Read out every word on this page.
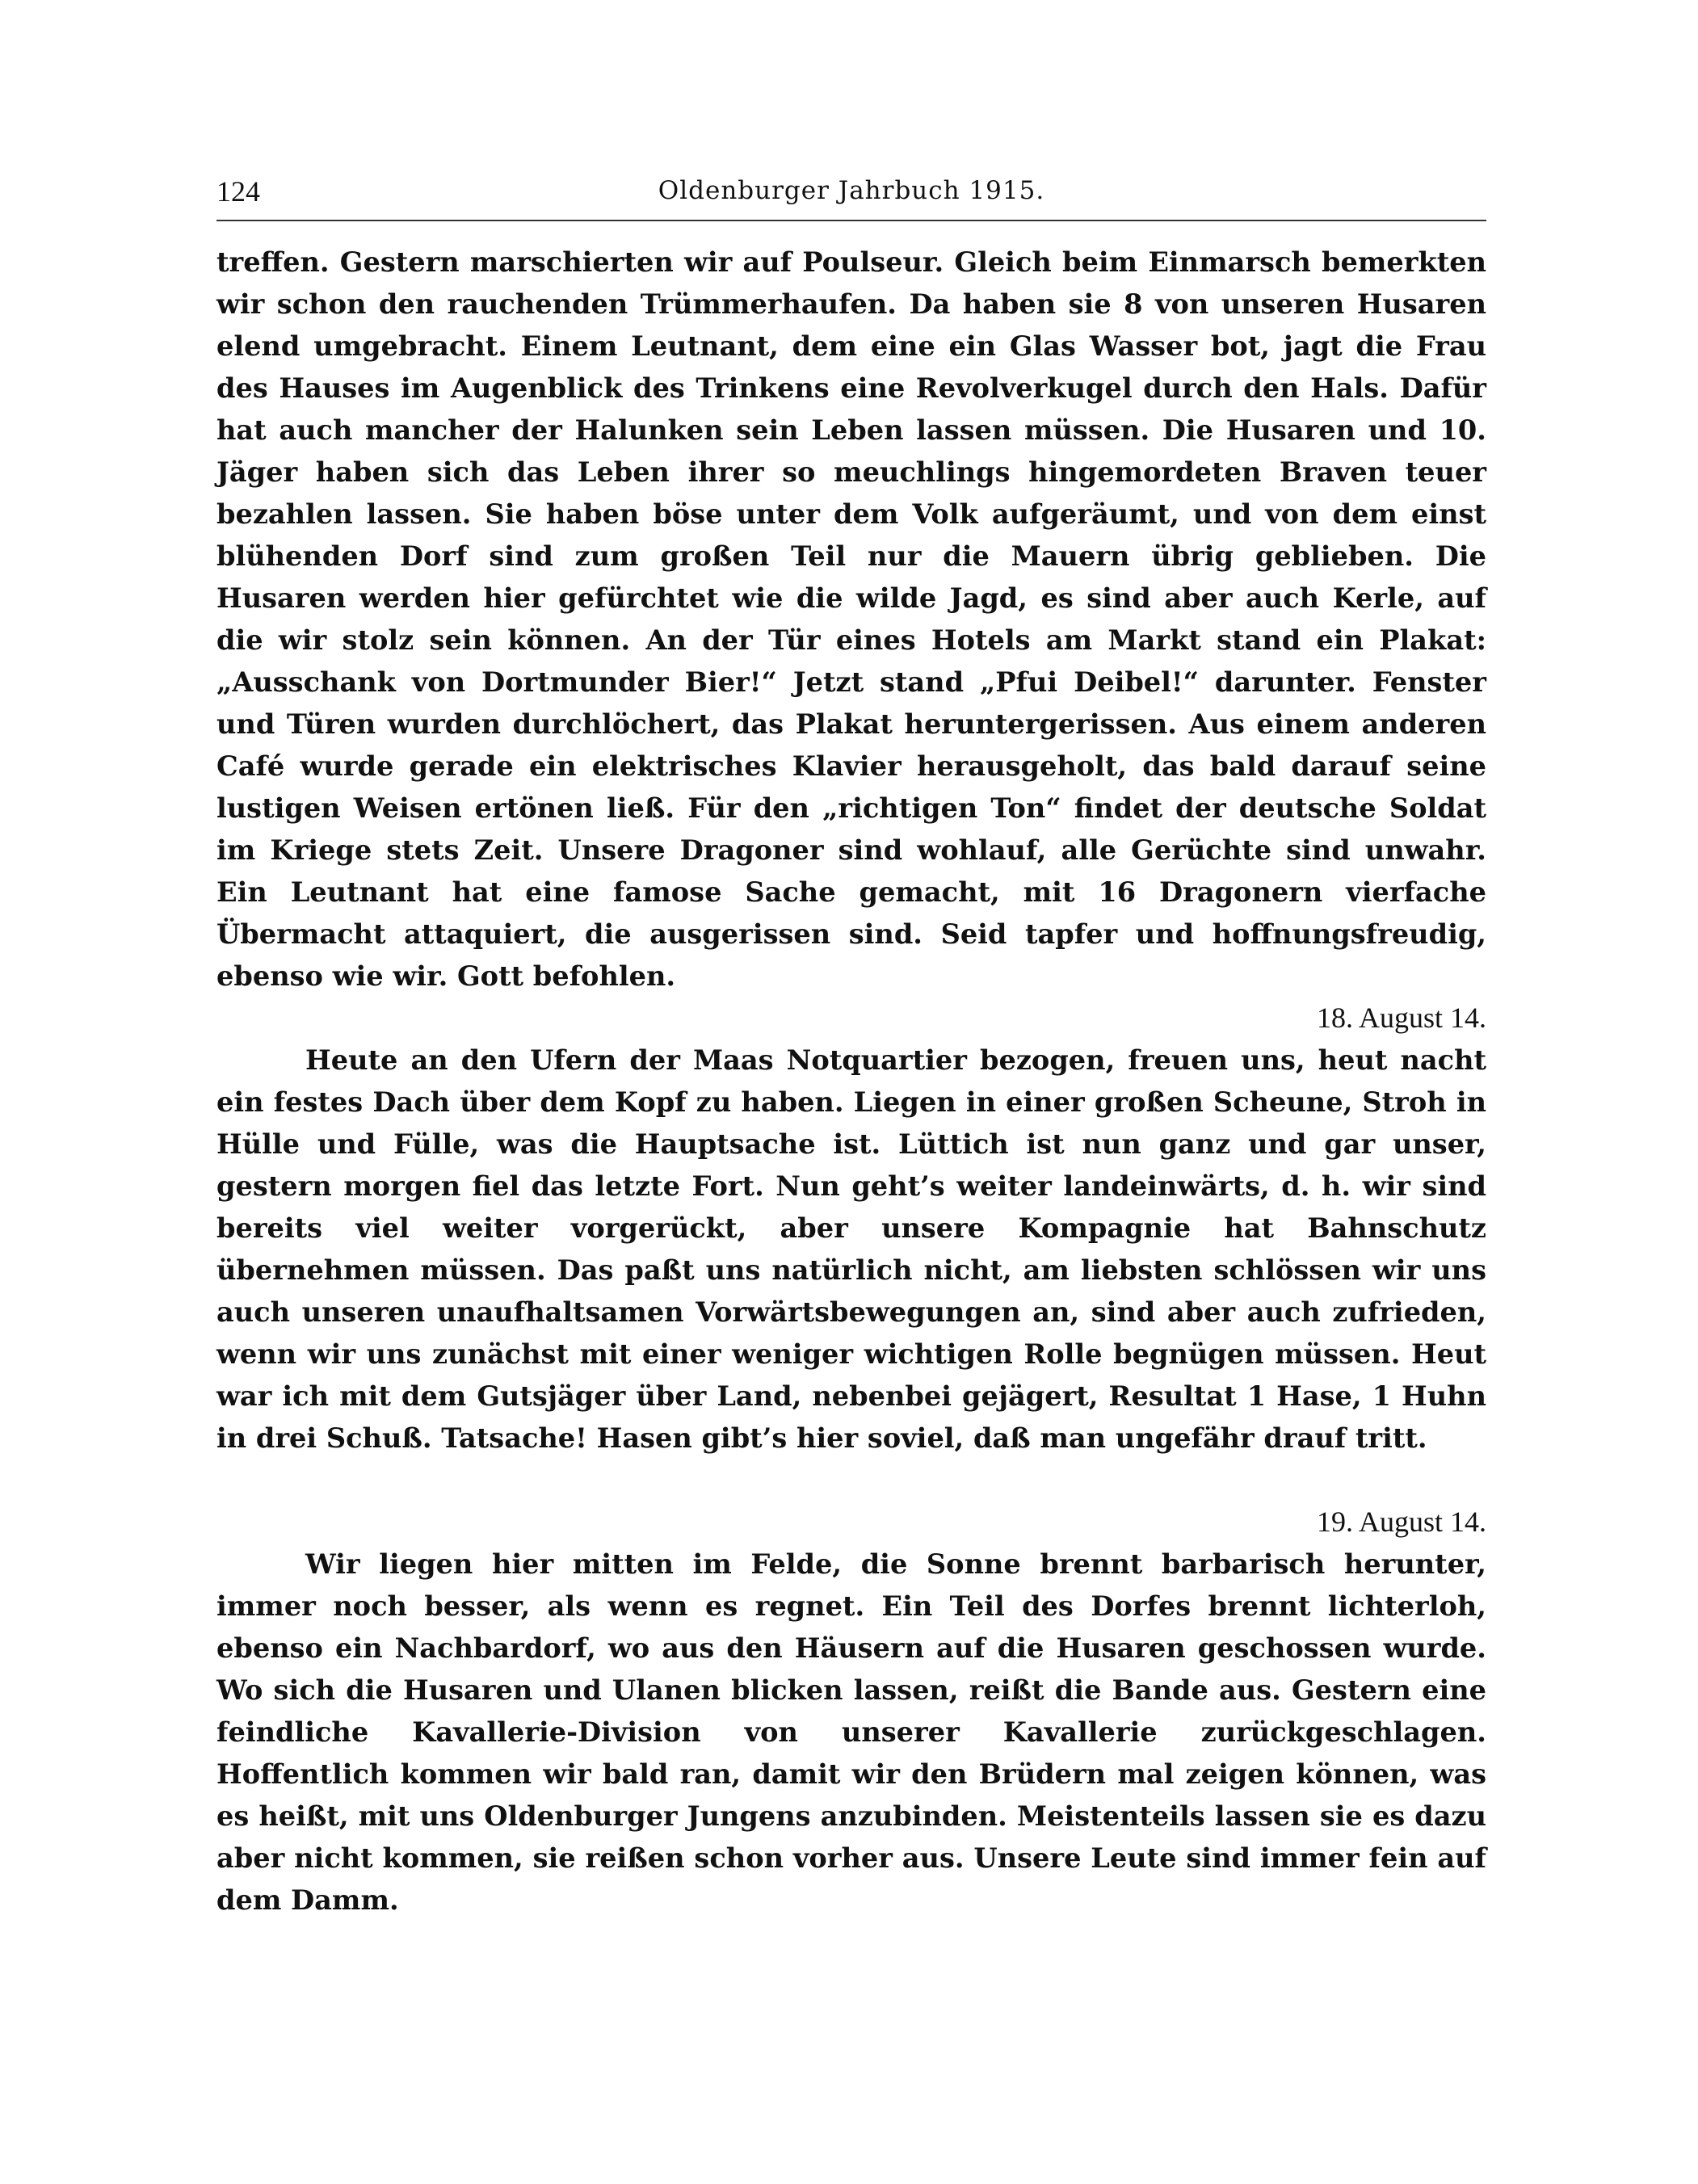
124	Oldenburger Jahrbuch 1915.

treffen. Gestern marschierten wir auf Poulseur. Gleich beim Einmarsch bemerkten wir schon den rauchenden Trümmerhaufen. Da haben sie 8 von unseren Husaren elend umgebracht. Einem Leutnant, dem eine ein Glas Wasser bot, jagt die Frau des Hauses im Augenblick des Trinkens eine Revolverkugel durch den Hals. Dafür hat auch mancher der Halunken sein Leben lassen müssen. Die Husaren und 10. Jäger haben sich das Leben ihrer so meuchlings hingemordeten Braven teuer bezahlen lassen. Sie haben böse unter dem Volk aufgeräumt, und von dem einst blühenden Dorf sind zum großen Teil nur die Mauern übrig geblieben. Die Husaren werden hier gefürchtet wie die wilde Jagd, es sind aber auch Kerle, auf die wir stolz sein können. An der Tür eines Hotels am Markt stand ein Plakat: „Ausschank von Dortmunder Bier!“ Jetzt stand „Pfui Deibel!“ darunter. Fenster und Türen wurden durchlöchert, das Plakat heruntergerissen. Aus einem anderen Café wurde gerade ein elektrisches Klavier herausgeholt, das bald darauf seine lustigen Weisen ertönen ließ. Für den „richtigen Ton“ findet der deutsche Soldat im Kriege stets Zeit. Unsere Dragoner sind wohlauf, alle Gerüchte sind unwahr. Ein Leutnant hat eine famose Sache gemacht, mit 16 Dragonern vierfache Übermacht attaquiert, die ausgerissen sind. Seid tapfer und hoffnungsfreudig, ebenso wie wir. Gott befohlen.

18. August 14.

Heute an den Ufern der Maas Notquartier bezogen, freuen uns, heut nacht ein festes Dach über dem Kopf zu haben. Liegen in einer großen Scheune, Stroh in Hülle und Fülle, was die Hauptsache ist. Lüttich ist nun ganz und gar unser, gestern morgen fiel das letzte Fort. Nun geht’s weiter landeinwärts, d. h. wir sind bereits viel weiter vorgerückt, aber unsere Kompagnie hat Bahnschutz übernehmen müssen. Das paßt uns natürlich nicht, am liebsten schlössen wir uns auch unseren unaufhaltsamen Vorwärtsbewegungen an, sind aber auch zufrieden, wenn wir uns zunächst mit einer weniger wichtigen Rolle begnügen müssen. Heut war ich mit dem Gutsjäger über Land, nebenbei gejägert, Resultat 1 Hase, 1 Huhn in drei Schuß. Tatsache! Hasen gibt’s hier soviel, daß man ungefähr drauf tritt.

19. August 14.

Wir liegen hier mitten im Felde, die Sonne brennt barbarisch herunter, immer noch besser, als wenn es regnet. Ein Teil des Dorfes brennt lichterloh, ebenso ein Nachbardorf, wo aus den Häusern auf die Husaren geschossen wurde. Wo sich die Husaren und Ulanen blicken lassen, reißt die Bande aus. Gestern eine feindliche Kavallerie-Division von unserer Kavallerie zurückgeschlagen. Hoffentlich kommen wir bald ran, damit wir den Brüdern mal zeigen können, was es heißt, mit uns Oldenburger Jungens anzubinden. Meistenteils lassen sie es dazu aber nicht kommen, sie reißen schon vorher aus. Unsere Leute sind immer fein auf dem Damm.
